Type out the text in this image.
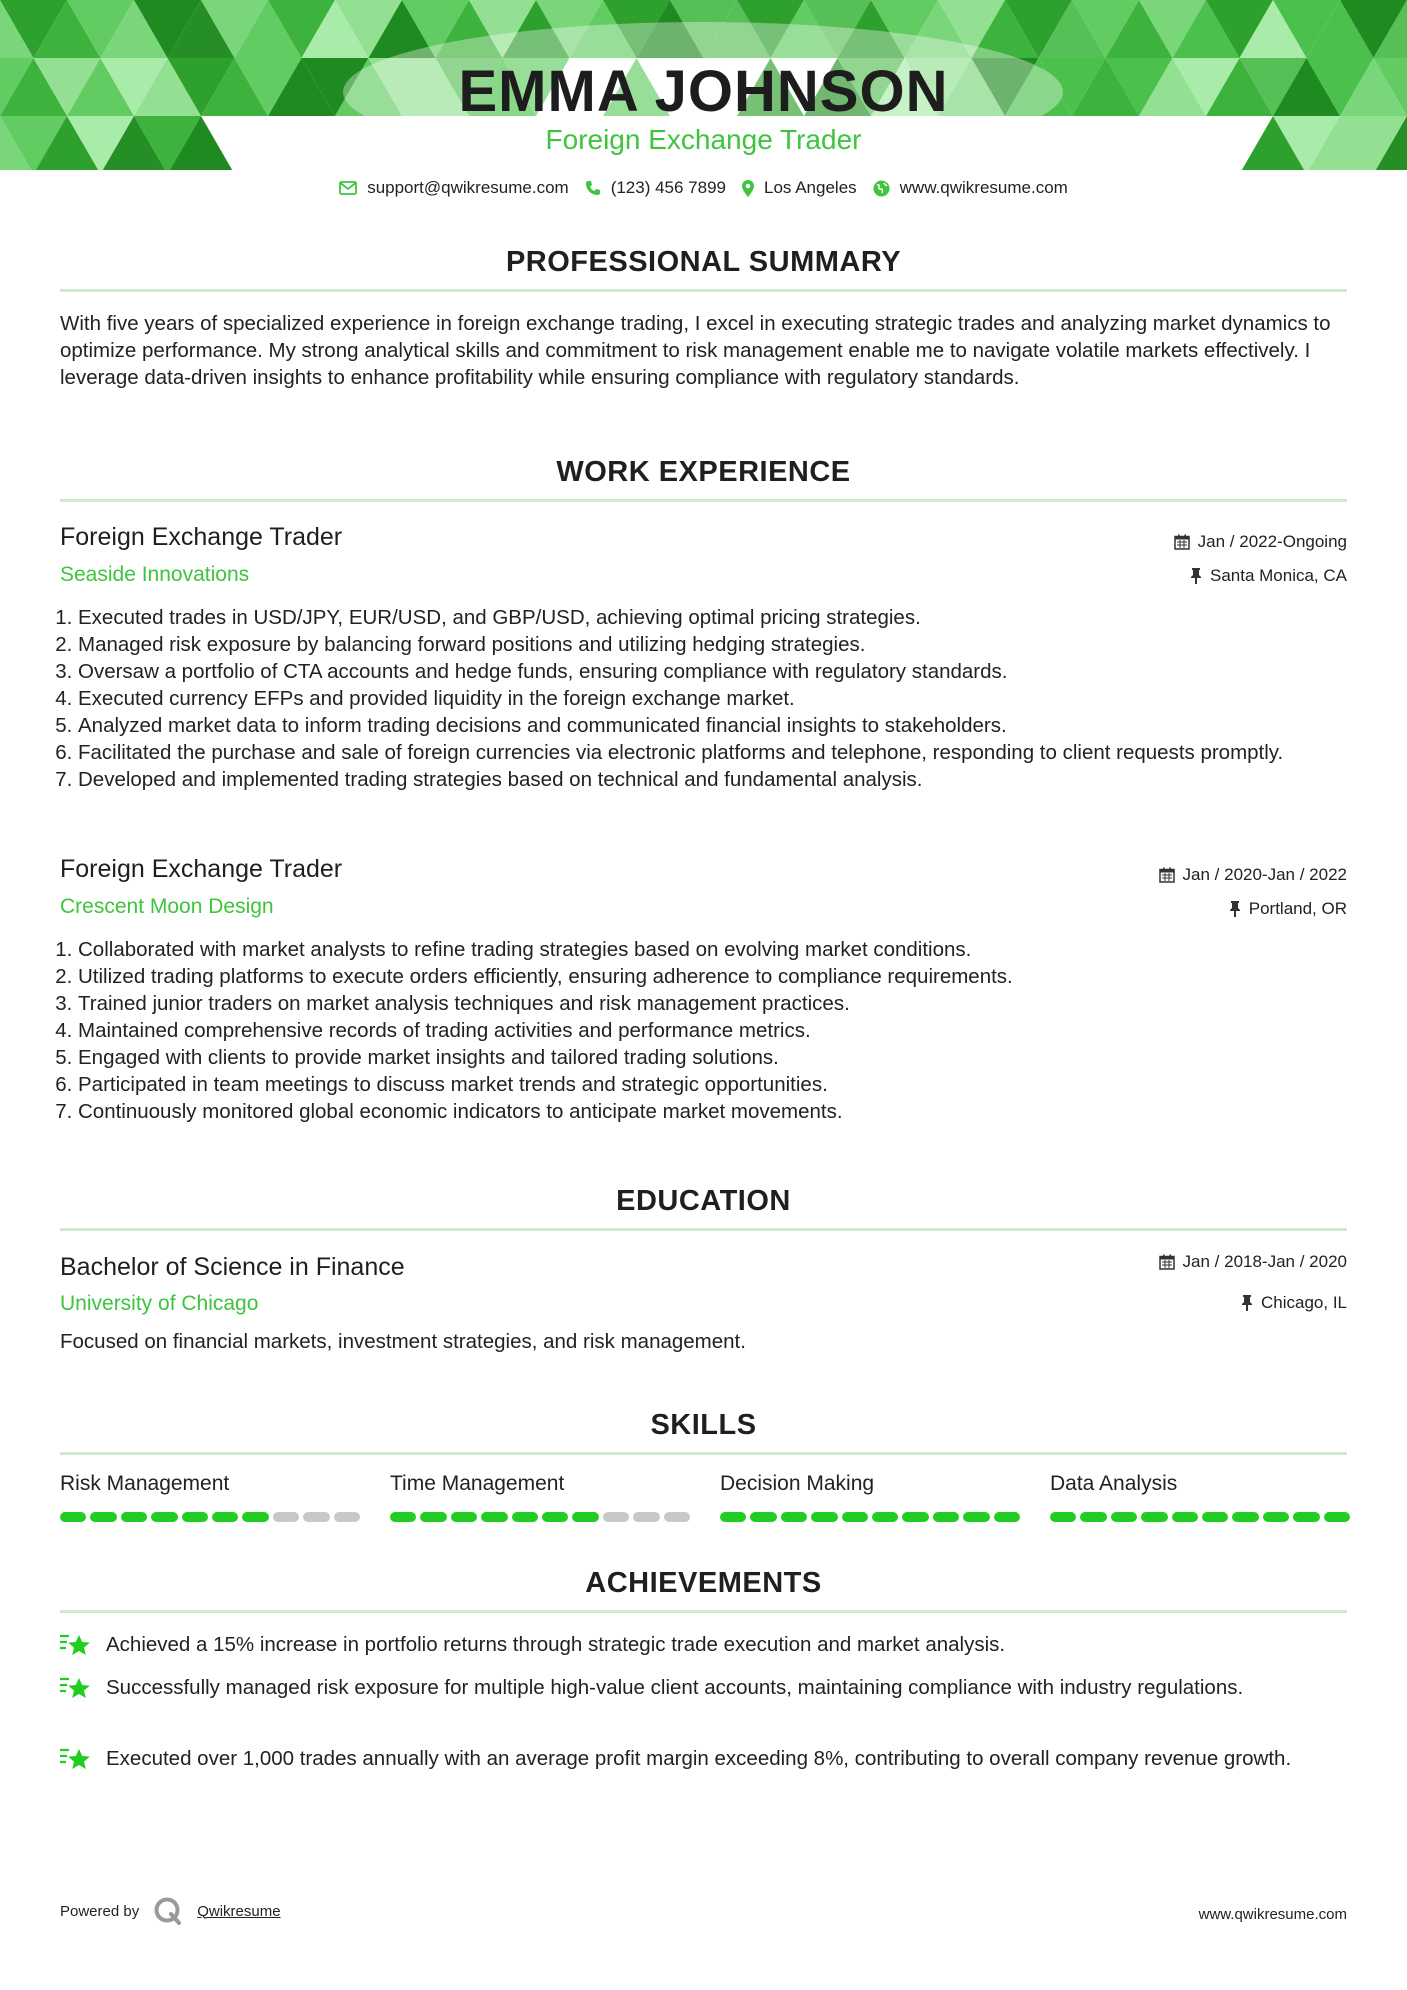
EMMA JOHNSON
Foreign Exchange Trader
support@qwikresume.com (123) 456 7899 Los Angeles	www.qwikresume.com
PROFESSIONAL SUMMARY
With five years of specialized experience in foreign exchange trading, I excel in executing strategic trades and analyzing market dynamics to optimize performance. My strong analytical skills and commitment to risk management enable me to navigate volatile markets effectively. I leverage data-driven insights to enhance profitability while ensuring compliance with regulatory standards.
WORK EXPERIENCE
Foreign Exchange Trader	Jan / 2022-Ongoing
Seaside Innovations	Santa Monica, CA
1. Executed trades in USD/JPY, EUR/USD, and GBP/USD, achieving optimal pricing strategies.
2. Managed risk exposure by balancing forward positions and utilizing hedging strategies.
3. Oversaw a portfolio of CTA accounts and hedge funds, ensuring compliance with regulatory standards.
4. Executed currency EFPs and provided liquidity in the foreign exchange market.
5. Analyzed market data to inform trading decisions and communicated financial insights to stakeholders.
6. Facilitated the purchase and sale of foreign currencies via electronic platforms and telephone, responding to client requests promptly.
7. Developed and implemented trading strategies based on technical and fundamental analysis.
Foreign Exchange Trader	Jan / 2020-Jan / 2022
Crescent Moon Design	Portland, OR
1. Collaborated with market analysts to refine trading strategies based on evolving market conditions.
2. Utilized trading platforms to execute orders efficiently, ensuring adherence to compliance requirements.
3. Trained junior traders on market analysis techniques and risk management practices.
4. Maintained comprehensive records of trading activities and performance metrics.
5. Engaged with clients to provide market insights and tailored trading solutions.
6. Participated in team meetings to discuss market trends and strategic opportunities.
7. Continuously monitored global economic indicators to anticipate market movements.
EDUCATION
Bachelor of Science in Finance	Jan / 2018-Jan / 2020
University of Chicago	Chicago, IL
Focused on financial markets, investment strategies, and risk management.
SKILLS
Risk Management	Time Management	Decision Making	Data Analysis
ACHIEVEMENTS
Achieved a 15% increase in portfolio returns through strategic trade execution and market analysis.
Successfully managed risk exposure for multiple high-value client accounts, maintaining compliance with industry regulations.
Executed over 1,000 trades annually with an average profit margin exceeding 8%, contributing to overall company revenue growth.
Powered by	Qwikresume	www.qwikresume.com
